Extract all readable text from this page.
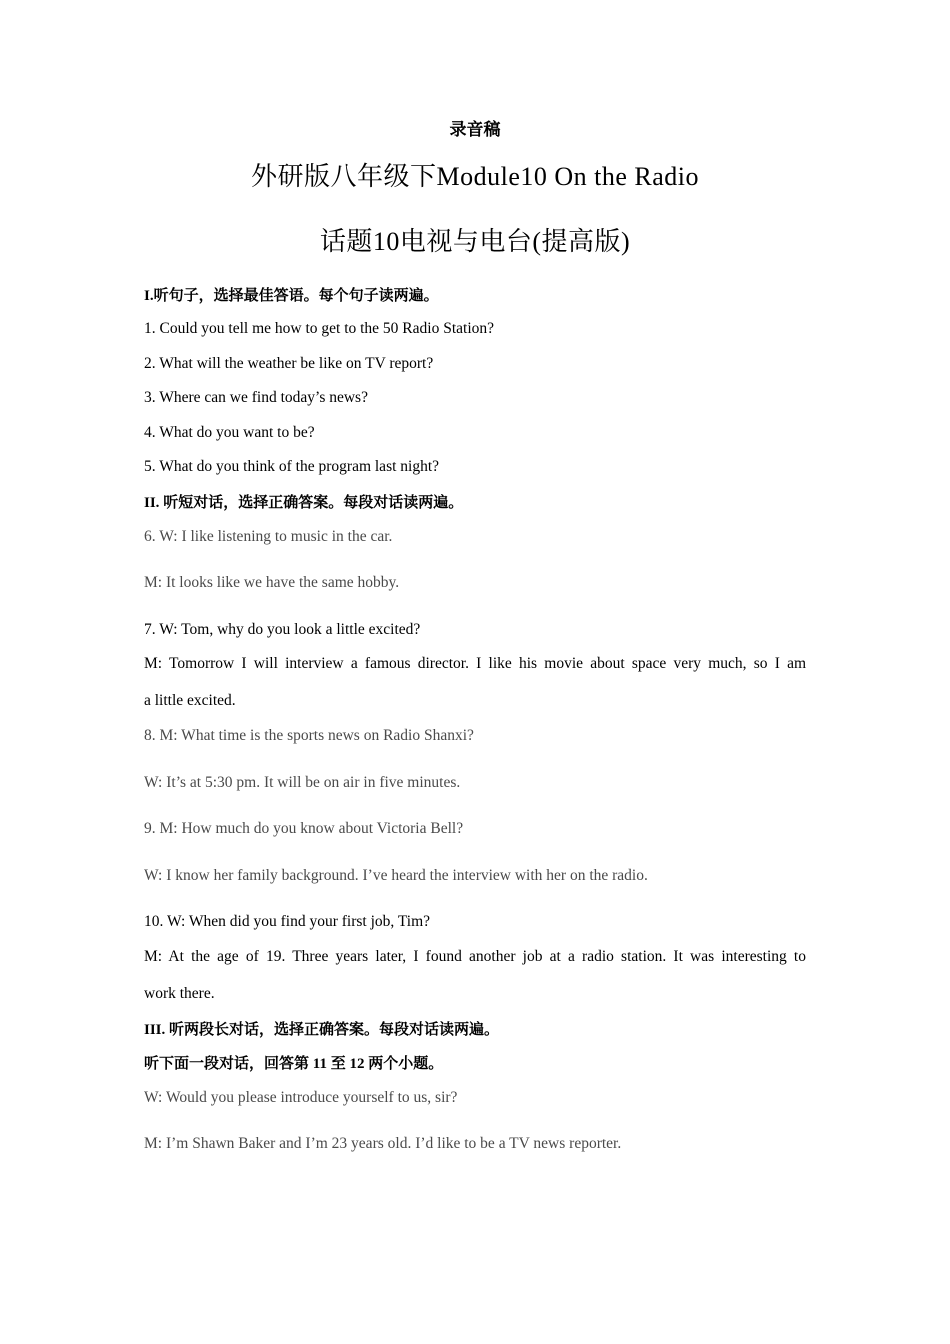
录音稿
外研版八年级下Module10 On the Radio
话题10电视与电台(提高版)
I.听句子，选择最佳答语。每个句子读两遍。
1. Could you tell me how to get to the 50 Radio Station?
2. What will the weather be like on TV report?
3. Where can we find today’s news?
4. What do you want to be?
5. What do you think of the program last night?
II. 听短对话，选择正确答案。每段对话读两遍。
6. W: I like listening to music in the car.
M: It looks like we have the same hobby.
7. W: Tom, why do you look a little excited?
M: Tomorrow I will interview a famous director. I like his movie about space very much, so I am
a little excited.
8. M: What time is the sports news on Radio Shanxi?
W: It’s at 5:30 pm. It will be on air in five minutes.
9. M: How much do you know about Victoria Bell?
W: I know her family background. I’ve heard the interview with her on the radio.
10. W: When did you find your first job, Tim?
M: At the age of 19. Three years later, I found another job at a radio station. It was interesting to
work there.
III. 听两段长对话，选择正确答案。每段对话读两遍。
听下面一段对话，回答第 11 至 12 两个小题。
W: Would you please introduce yourself to us, sir?
M: I’m Shawn Baker and I’m 23 years old. I’d like to be a TV news reporter.
